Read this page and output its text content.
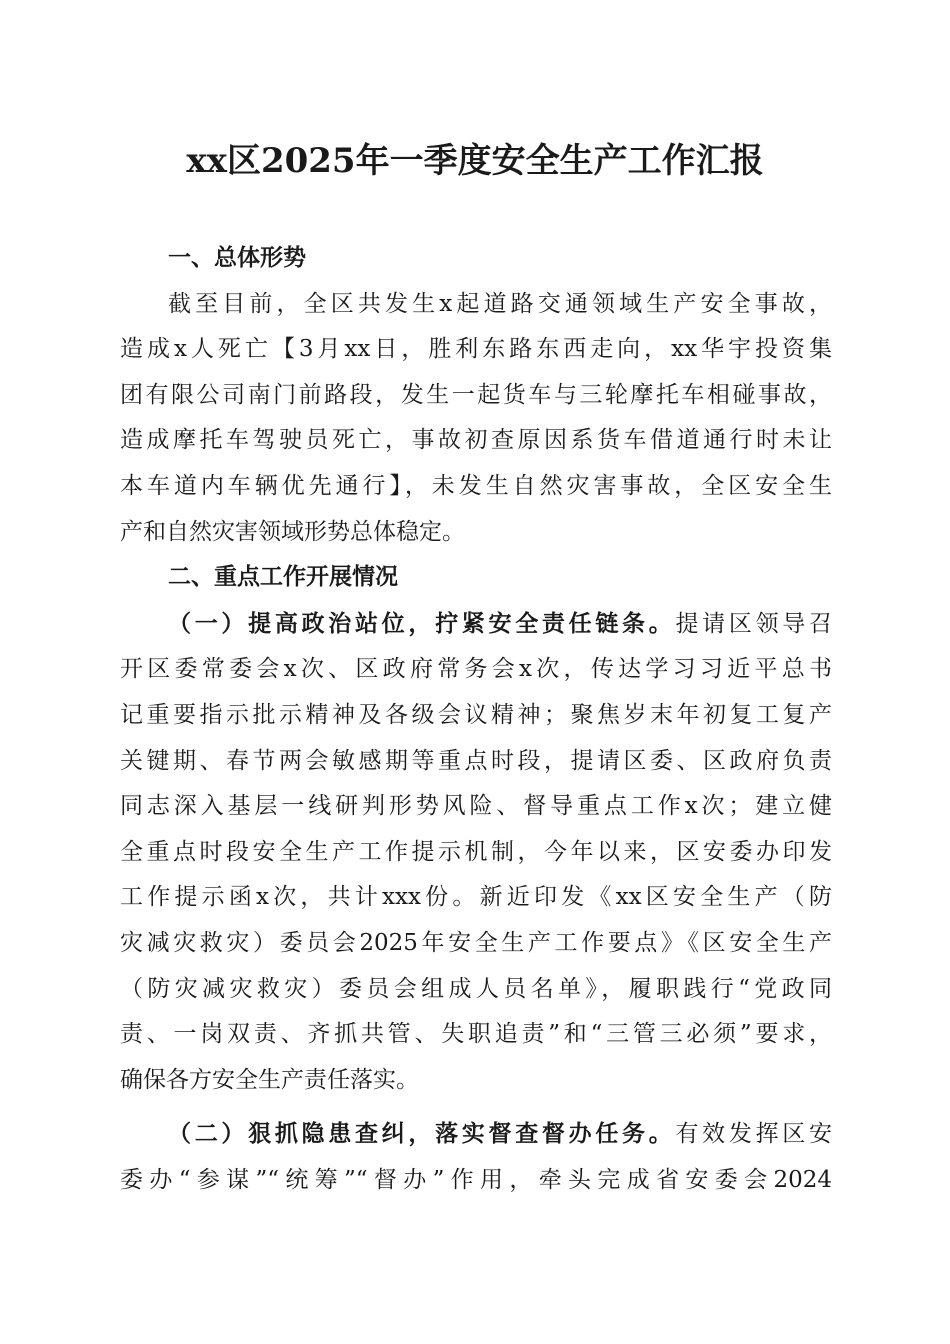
xx区2025年一季度安全生产工作汇报
一、总体形势
截至目前，全区共发生x起道路交通领域生产安全事故，
造成x人死亡【3月xx日，胜利东路东西走向，xx华宇投资集
团有限公司南门前路段，发生一起货车与三轮摩托车相碰事故，
造成摩托车驾驶员死亡，事故初查原因系货车借道通行时未让
本车道内车辆优先通行】，未发生自然灾害事故，全区安全生
产和自然灾害领域形势总体稳定。
二、重点工作开展情况
（一）提高政治站位，拧紧安全责任链条。提请区领导召
开区委常委会x次、区政府常务会x次，传达学习习近平总书
记重要指示批示精神及各级会议精神；聚焦岁末年初复工复产
关键期、春节两会敏感期等重点时段，提请区委、区政府负责
同志深入基层一线研判形势风险、督导重点工作x次；建立健
全重点时段安全生产工作提示机制，今年以来，区安委办印发
工作提示函x次，共计xxx份。新近印发《xx区安全生产（防
灾减灾救灾）委员会2025年安全生产工作要点》《区安全生产
（防灾减灾救灾）委员会组成人员名单》，履职践行“党政同
责、一岗双责、齐抓共管、失职追责”和“三管三必须”要求，
确保各方安全生产责任落实。
（二）狠抓隐患查纠，落实督查督办任务。有效发挥区安
委办“参谋”“统筹”“督办”作用，牵头完成省安委会2024
